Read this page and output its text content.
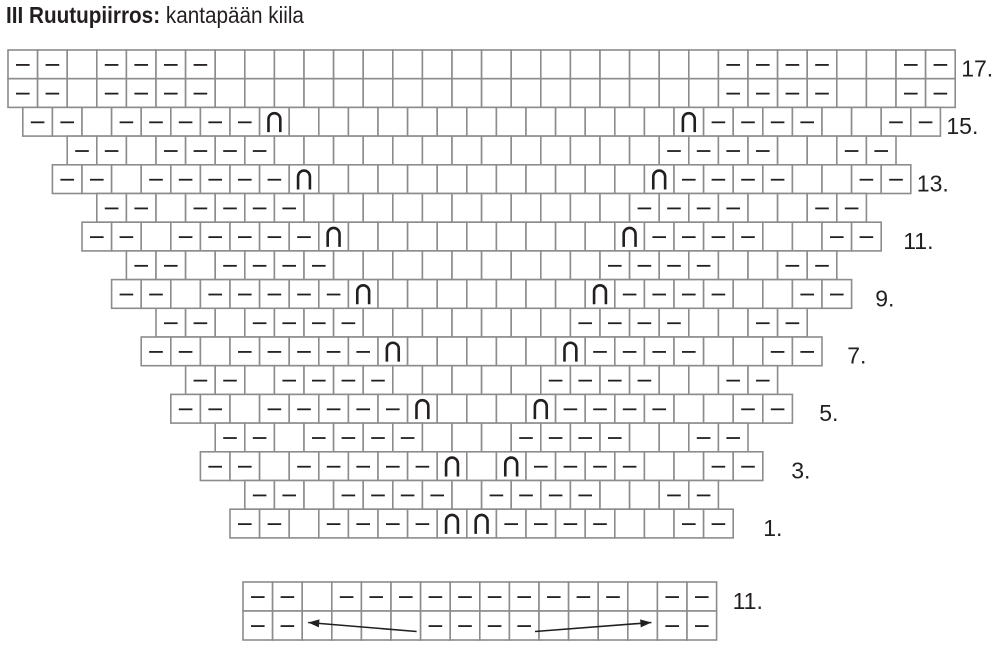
III Ruutupiirros: kantapään kiila
17.
15.
13.
11.
9.
7.
5.
3.
1.
11.
